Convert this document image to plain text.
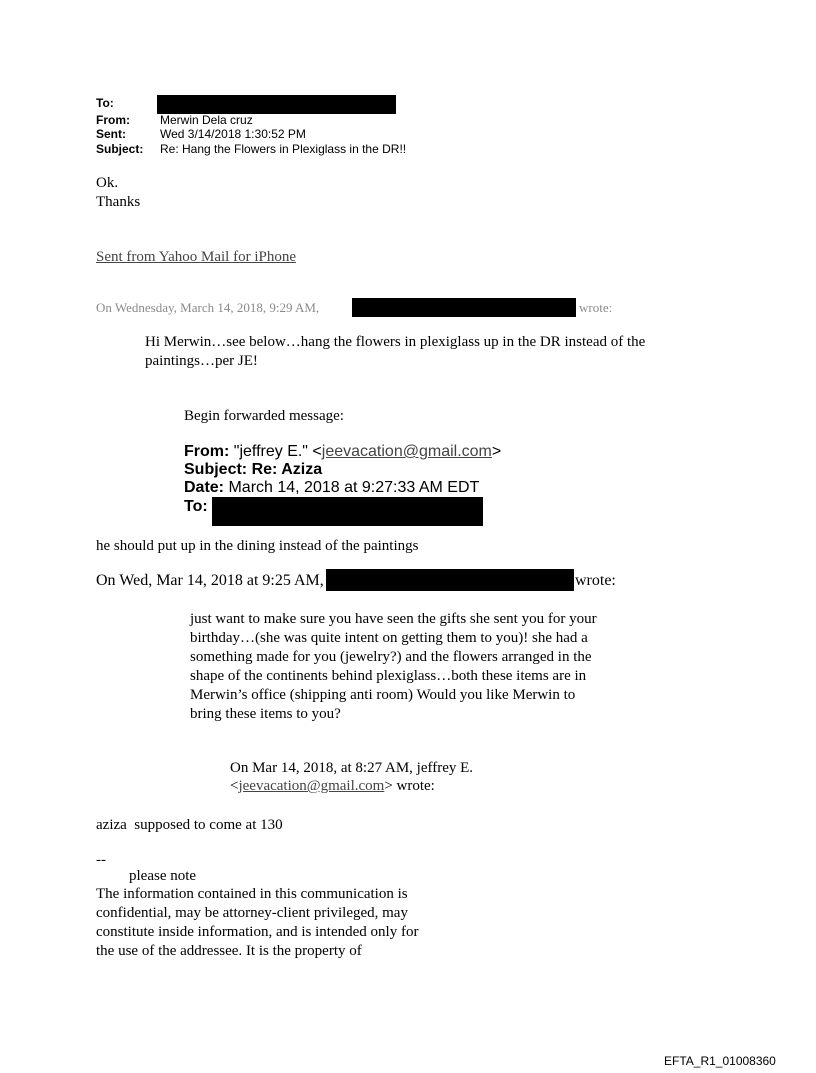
To:
From:	Merwin Dela cruz
Sent:	Wed 3/14/2018 1:30:52 PM
Subject: Re: Hang the Flowers in Plexiglass in the DR!!
Ok.
Thanks
Sent from Yahoo Mail for iPhone
On Wednesday, March 14, 2018, 9:29 AM,	wrote:
Hi Merwin…see below…hang the flowers in plexiglass up in the DR instead of the
paintings…per JE!
Begin forwarded message:
From: "jeffrey E." <jeevacation@gmail.com>
Subject: Re: Aziza
Date: March 14, 2018 at 9:27:33 AM EDT
To:
he should put up in the dining instead of the paintings
On Wed, Mar 14, 2018 at 9:25 AM,	wrote:
just want to make sure you have seen the gifts she sent you for your
birthday…(she was quite intent on getting them to you)! she had a
something made for you (jewelry?) and the flowers arranged in the
shape of the continents behind plexiglass…both these items are in
Merwin’s office (shipping anti room) Would you like Merwin to
bring these items to you?
On Mar 14, 2018, at 8:27 AM, jeffrey E.
<jeevacation@gmail.com> wrote:
aziza  supposed to come at 130
--
please note
The information contained in this communication is
confidential, may be attorney-client privileged, may
constitute inside information, and is intended only for
the use of the addressee. It is the property of
EFTA_R1_01008360
